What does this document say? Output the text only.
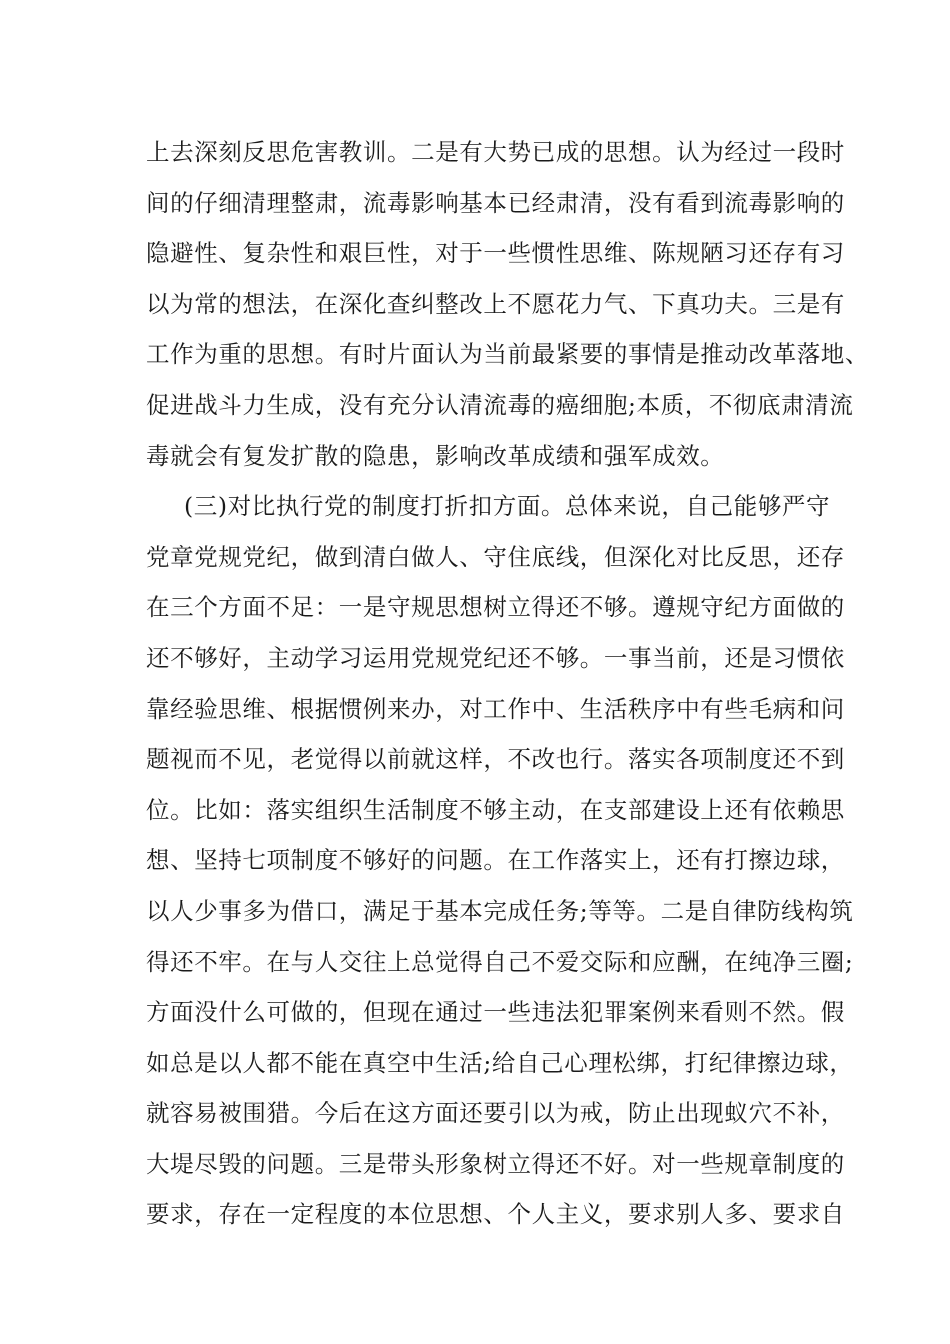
上去深刻反思危害教训。二是有大势已成的思想。认为经过一段时
间的仔细清理整肃，流毒影响基本已经肃清，没有看到流毒影响的
隐避性、复杂性和艰巨性，对于一些惯性思维、陈规陋习还存有习
以为常的想法，在深化查纠整改上不愿花力气、下真功夫。三是有
工作为重的思想。有时片面认为当前最紧要的事情是推动改革落地、
促进战斗力生成，没有充分认清流毒的癌细胞;本质，不彻底肃清流
毒就会有复发扩散的隐患，影响改革成绩和强军成效。
(三)对比执行党的制度打折扣方面。总体来说，自己能够严守
党章党规党纪，做到清白做人、守住底线，但深化对比反思，还存
在三个方面不足：一是守规思想树立得还不够。遵规守纪方面做的
还不够好，主动学习运用党规党纪还不够。一事当前，还是习惯依
靠经验思维、根据惯例来办，对工作中、生活秩序中有些毛病和问
题视而不见，老觉得以前就这样，不改也行。落实各项制度还不到
位。比如：落实组织生活制度不够主动，在支部建设上还有依赖思
想、坚持七项制度不够好的问题。在工作落实上，还有打擦边球，
以人少事多为借口，满足于基本完成任务;等等。二是自律防线构筑
得还不牢。在与人交往上总觉得自己不爱交际和应酬，在纯净三圈;
方面没什么可做的，但现在通过一些违法犯罪案例来看则不然。假
如总是以人都不能在真空中生活;给自己心理松绑，打纪律擦边球，
就容易被围猎。今后在这方面还要引以为戒，防止出现蚁穴不补，
大堤尽毁的问题。三是带头形象树立得还不好。对一些规章制度的
要求，存在一定程度的本位思想、个人主义，要求别人多、要求自
